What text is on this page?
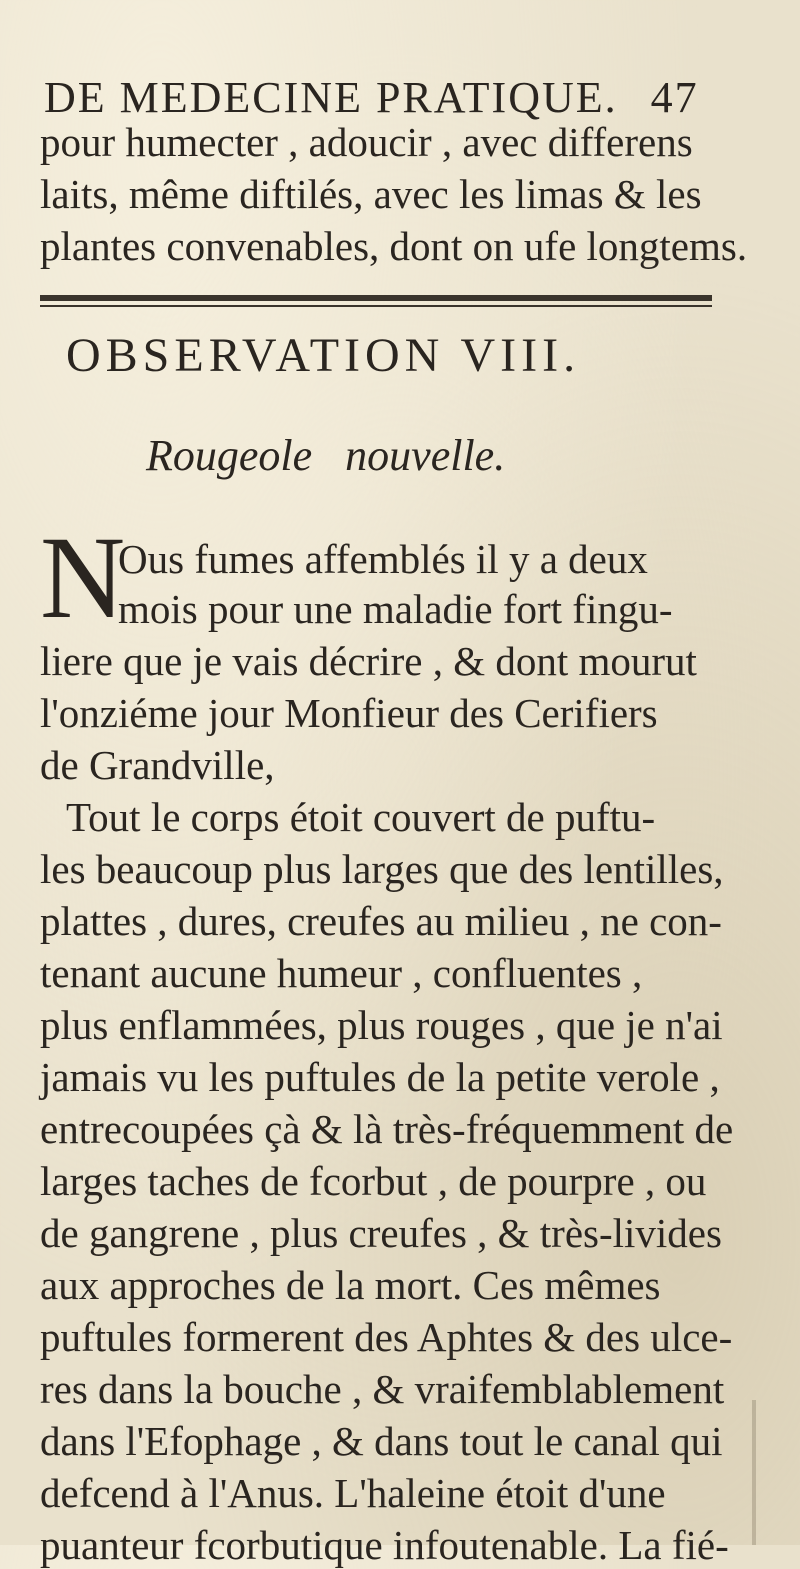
DE MEDECINE PRATIQUE. 47
pour humecter , adoucir , avec differens
laits, même diftilés, avec les limas & les
plantes convenables, dont on ufe longtems.
OBSERVATION VIII.
Rougeole nouvelle.
N
Ous fumes affemblés il y a deux
mois pour une maladie fort fingu-
liere que je vais décrire , & dont mourut
l'onziéme jour Monfieur des Cerifiers
de Grandville,
Tout le corps étoit couvert de puftu-
les beaucoup plus larges que des lentilles,
plattes , dures, creufes au milieu , ne con-
tenant aucune humeur , confluentes ,
plus enflammées, plus rouges , que je n'ai
jamais vu les puftules de la petite verole ,
entrecoupées çà & là très-fréquemment de
larges taches de fcorbut , de pourpre , ou
de gangrene , plus creufes , & très-livides
aux approches de la mort. Ces mêmes
puftules formerent des Aphtes & des ulce-
res dans la bouche , & vraifemblablement
dans l'Efophage , & dans tout le canal qui
defcend à l'Anus. L'haleine étoit d'une
puanteur fcorbutique infoutenable. La fié-
